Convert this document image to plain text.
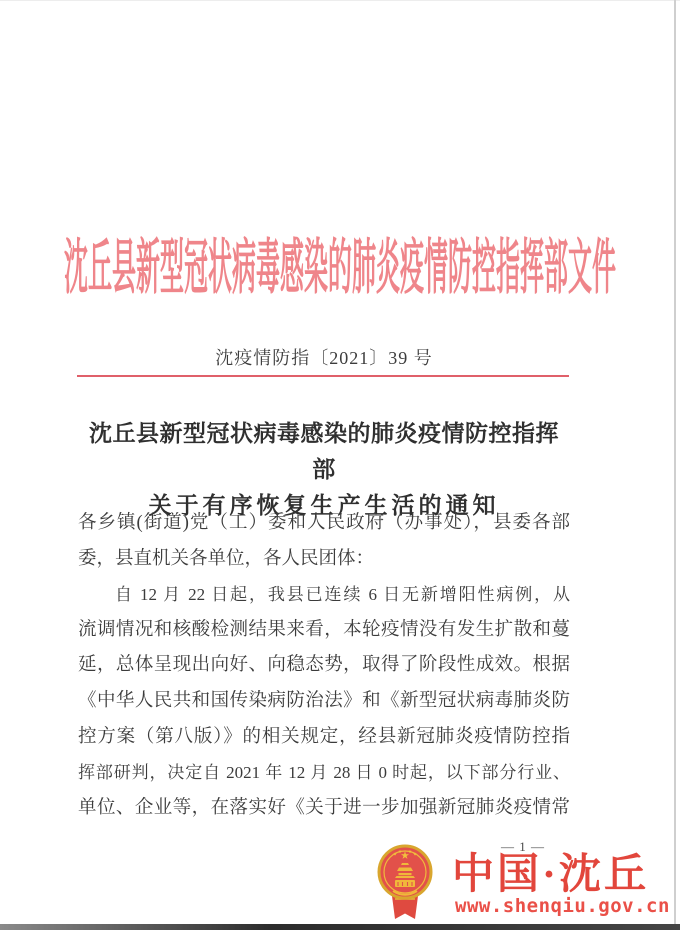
沈丘县新型冠状病毒感染的肺炎疫情防控指挥部文件
沈疫情防指〔2021〕39 号
沈丘县新型冠状病毒感染的肺炎疫情防控指挥部
关于有序恢复生产生活的通知
各乡镇(街道)党（工）委和人民政府（办事处），县委各部
委，县直机关各单位，各人民团体：
自 12 月 22 日起，我县已连续 6 日无新增阳性病例，从
流调情况和核酸检测结果来看，本轮疫情没有发生扩散和蔓
延，总体呈现出向好、向稳态势，取得了阶段性成效。根据
《中华人民共和国传染病防治法》和《新型冠状病毒肺炎防
控方案（第八版）》的相关规定，经县新冠肺炎疫情防控指
挥部研判，决定自 2021 年 12 月 28 日 0 时起，以下部分行业、
单位、企业等，在落实好《关于进一步加强新冠肺炎疫情常
— 1 —
中国·沈丘
www.shenqiu.gov.cn
